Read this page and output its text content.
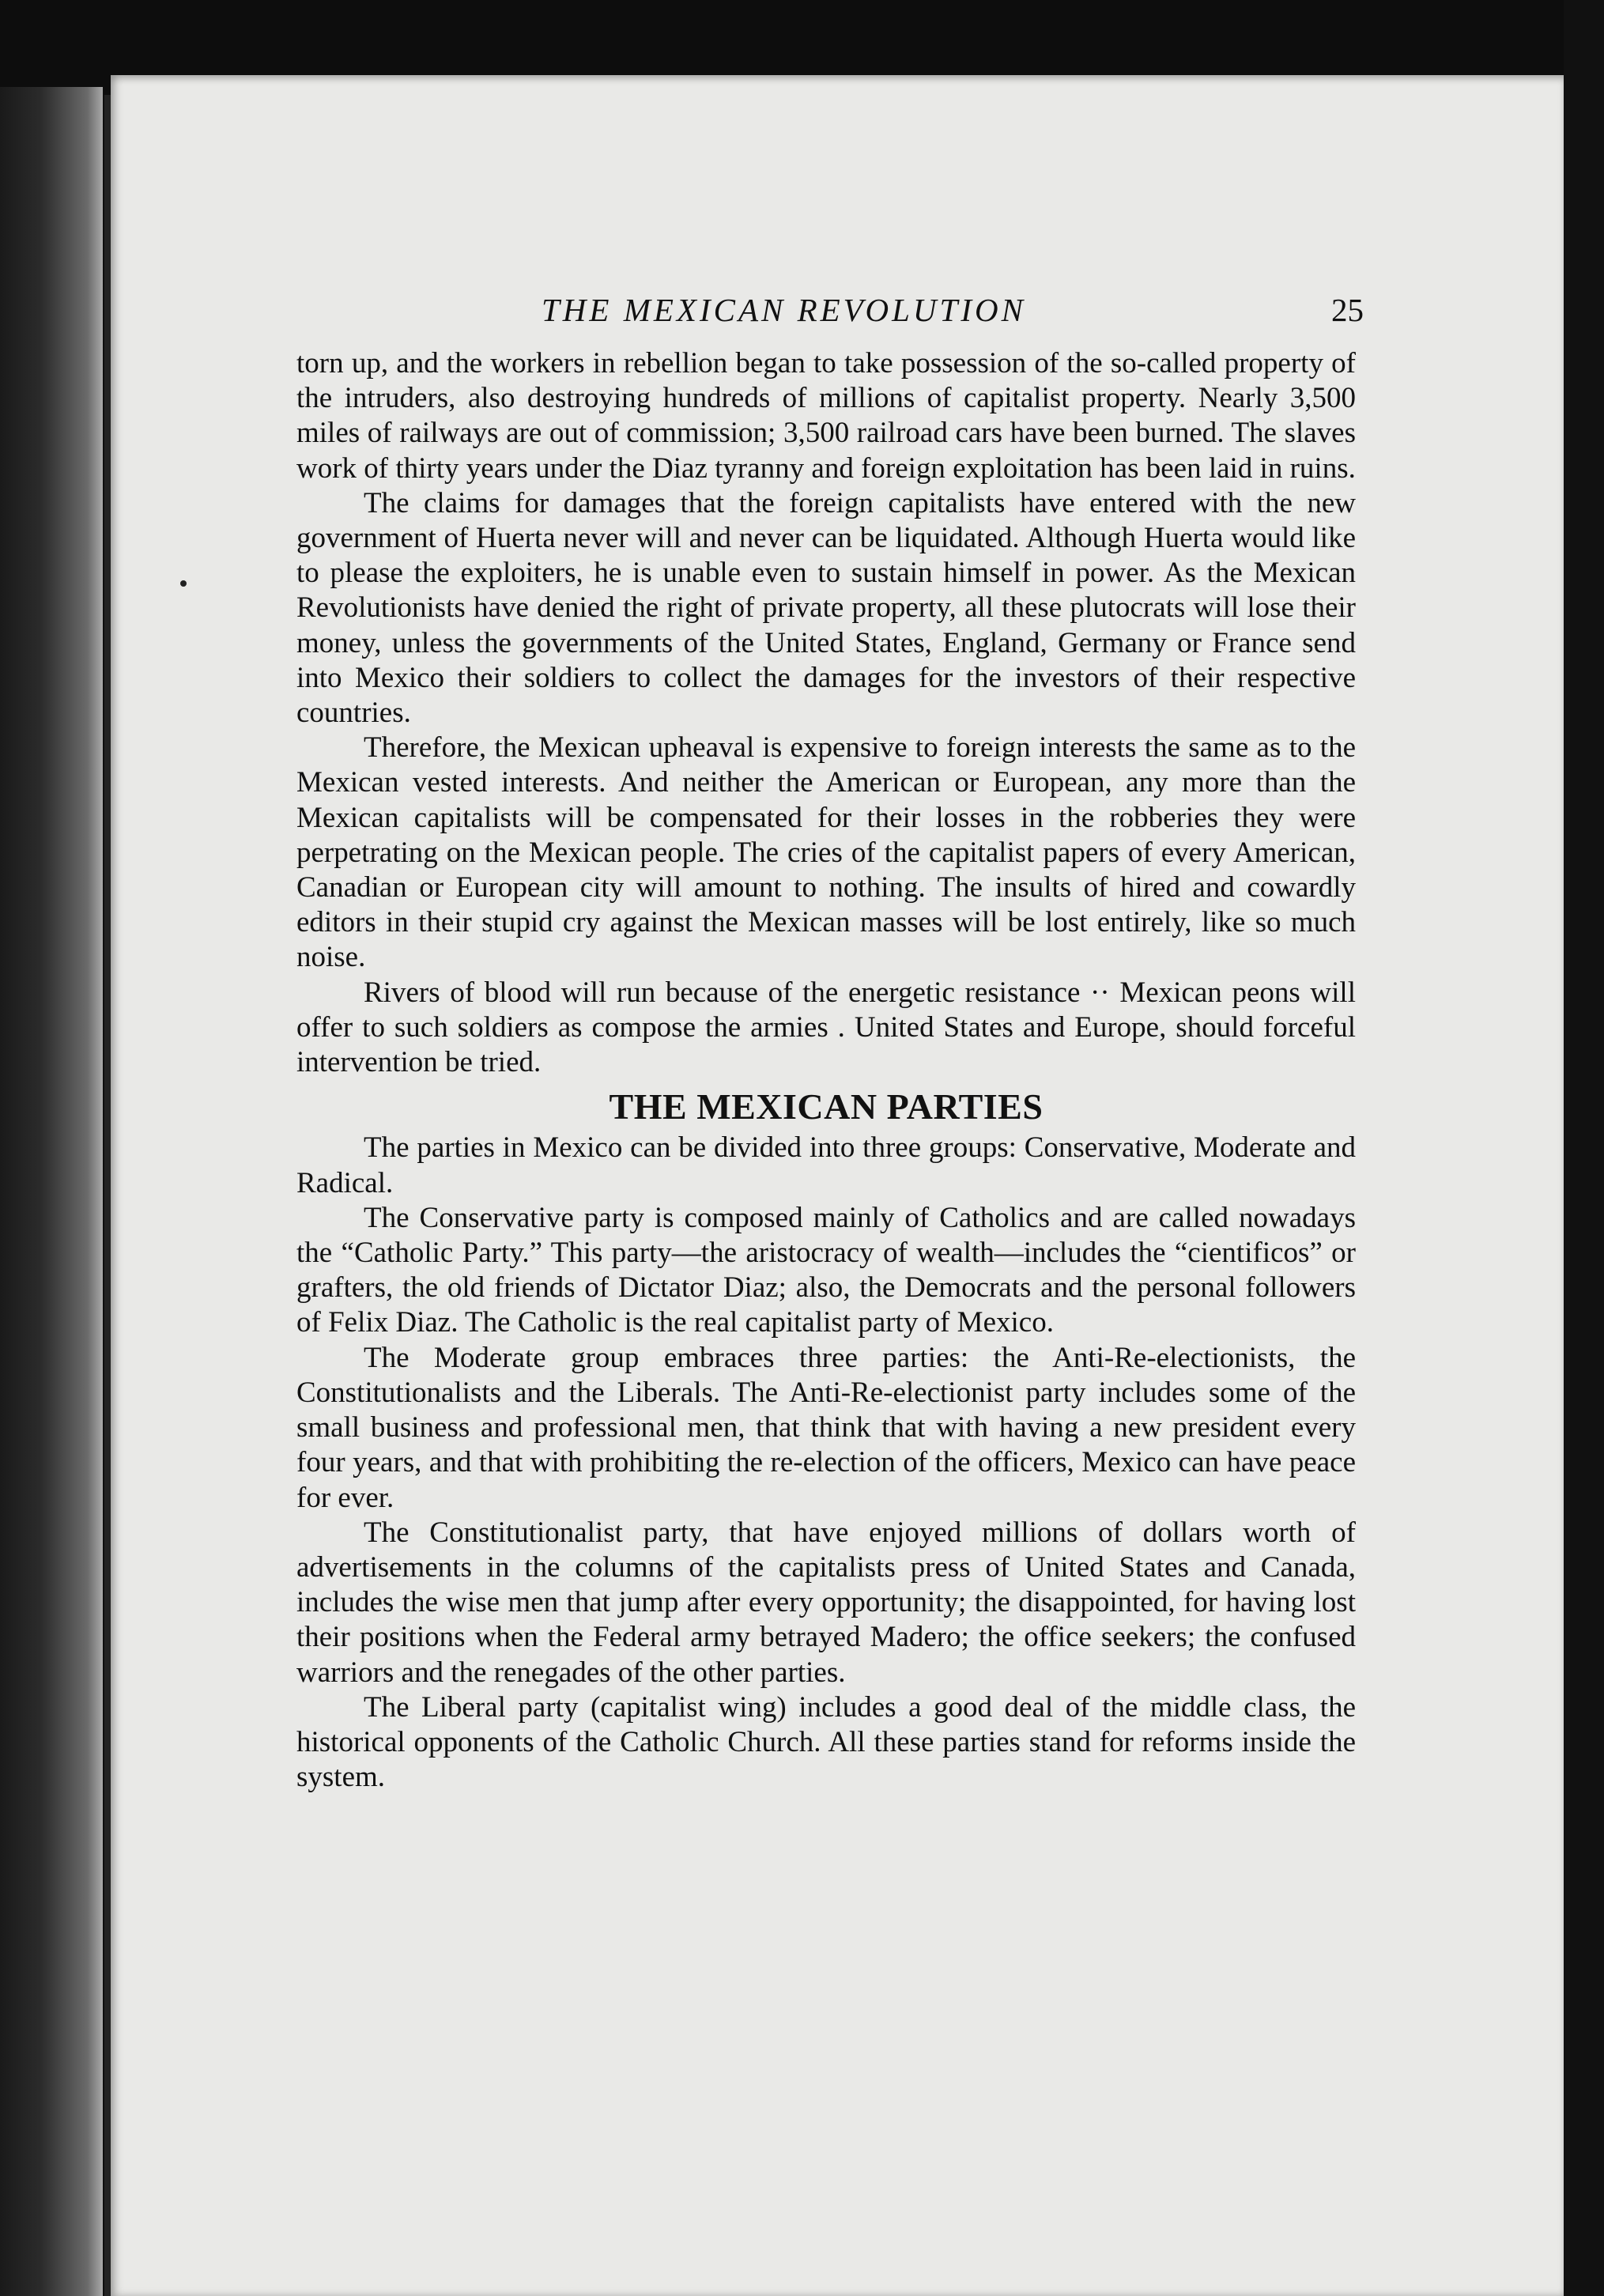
THE MEXICAN REVOLUTION	25

torn up, and the workers in rebellion began to take possession of the so-called property of the intruders, also destroying hundreds of millions of capitalist property. Nearly 3,500 miles of railways are out of commission; 3,500 railroad cars have been burned. The slaves work of thirty years under the Diaz tyranny and foreign exploitation has been laid in ruins.

The claims for damages that the foreign capitalists have entered with the new government of Huerta never will and never can be liquidated. Although Huerta would like to please the exploiters, he is unable even to sustain himself in power. As the Mexican Revolutionists have denied the right of private property, all these plutocrats will lose their money, unless the governments of the United States, England, Germany or France send into Mexico their soldiers to collect the damages for the investors of their respective countries.

Therefore, the Mexican upheaval is expensive to foreign interests the same as to the Mexican vested interests. And neither the American or European, any more than the Mexican capitalists will be compensated for their losses in the robberies they were perpetrating on the Mexican people. The cries of the capitalist papers of every American, Canadian or European city will amount to nothing. The insults of hired and cowardly editors in their stupid cry against the Mexican masses will be lost entirely, like so much noise.

Rivers of blood will run because of the energetic resistance ·· Mexican peons will offer to such soldiers as compose the armies . United States and Europe, should forceful intervention be tried.

THE MEXICAN PARTIES

The parties in Mexico can be divided into three groups: Conservative, Moderate and Radical.

The Conservative party is composed mainly of Catholics and are called nowadays the “Catholic Party.” This party—the aristocracy of wealth—includes the “cientificos” or grafters, the old friends of Dictator Diaz; also, the Democrats and the personal followers of Felix Diaz. The Catholic is the real capitalist party of Mexico.

The Moderate group embraces three parties: the Anti-Re-electionists, the Constitutionalists and the Liberals. The Anti-Re-electionist party includes some of the small business and professional men, that think that with having a new president every four years, and that with prohibiting the re-election of the officers, Mexico can have peace for ever.

The Constitutionalist party, that have enjoyed millions of dollars worth of advertisements in the columns of the capitalists press of United States and Canada, includes the wise men that jump after every opportunity; the disappointed, for having lost their positions when the Federal army betrayed Madero; the office seekers; the confused warriors and the renegades of the other parties.

The Liberal party (capitalist wing) includes a good deal of the middle class, the historical opponents of the Catholic Church. All these parties stand for reforms inside the system.
